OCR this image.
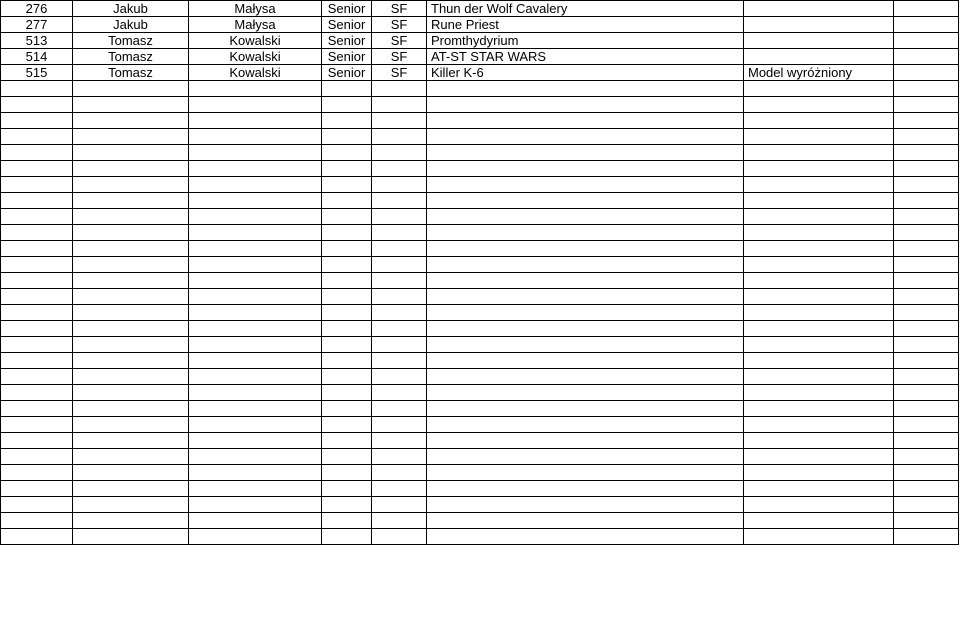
276	Jakub	Małysa	Senior	SF	Thun der Wolf Cavalery		
277	Jakub	Małysa	Senior	SF	Rune Priest		
513	Tomasz	Kowalski	Senior	SF	Promthydyrium		
514	Tomasz	Kowalski	Senior	SF	AT-ST STAR WARS		
515	Tomasz	Kowalski	Senior	SF	Killer K-6	Model wyróżniony	
